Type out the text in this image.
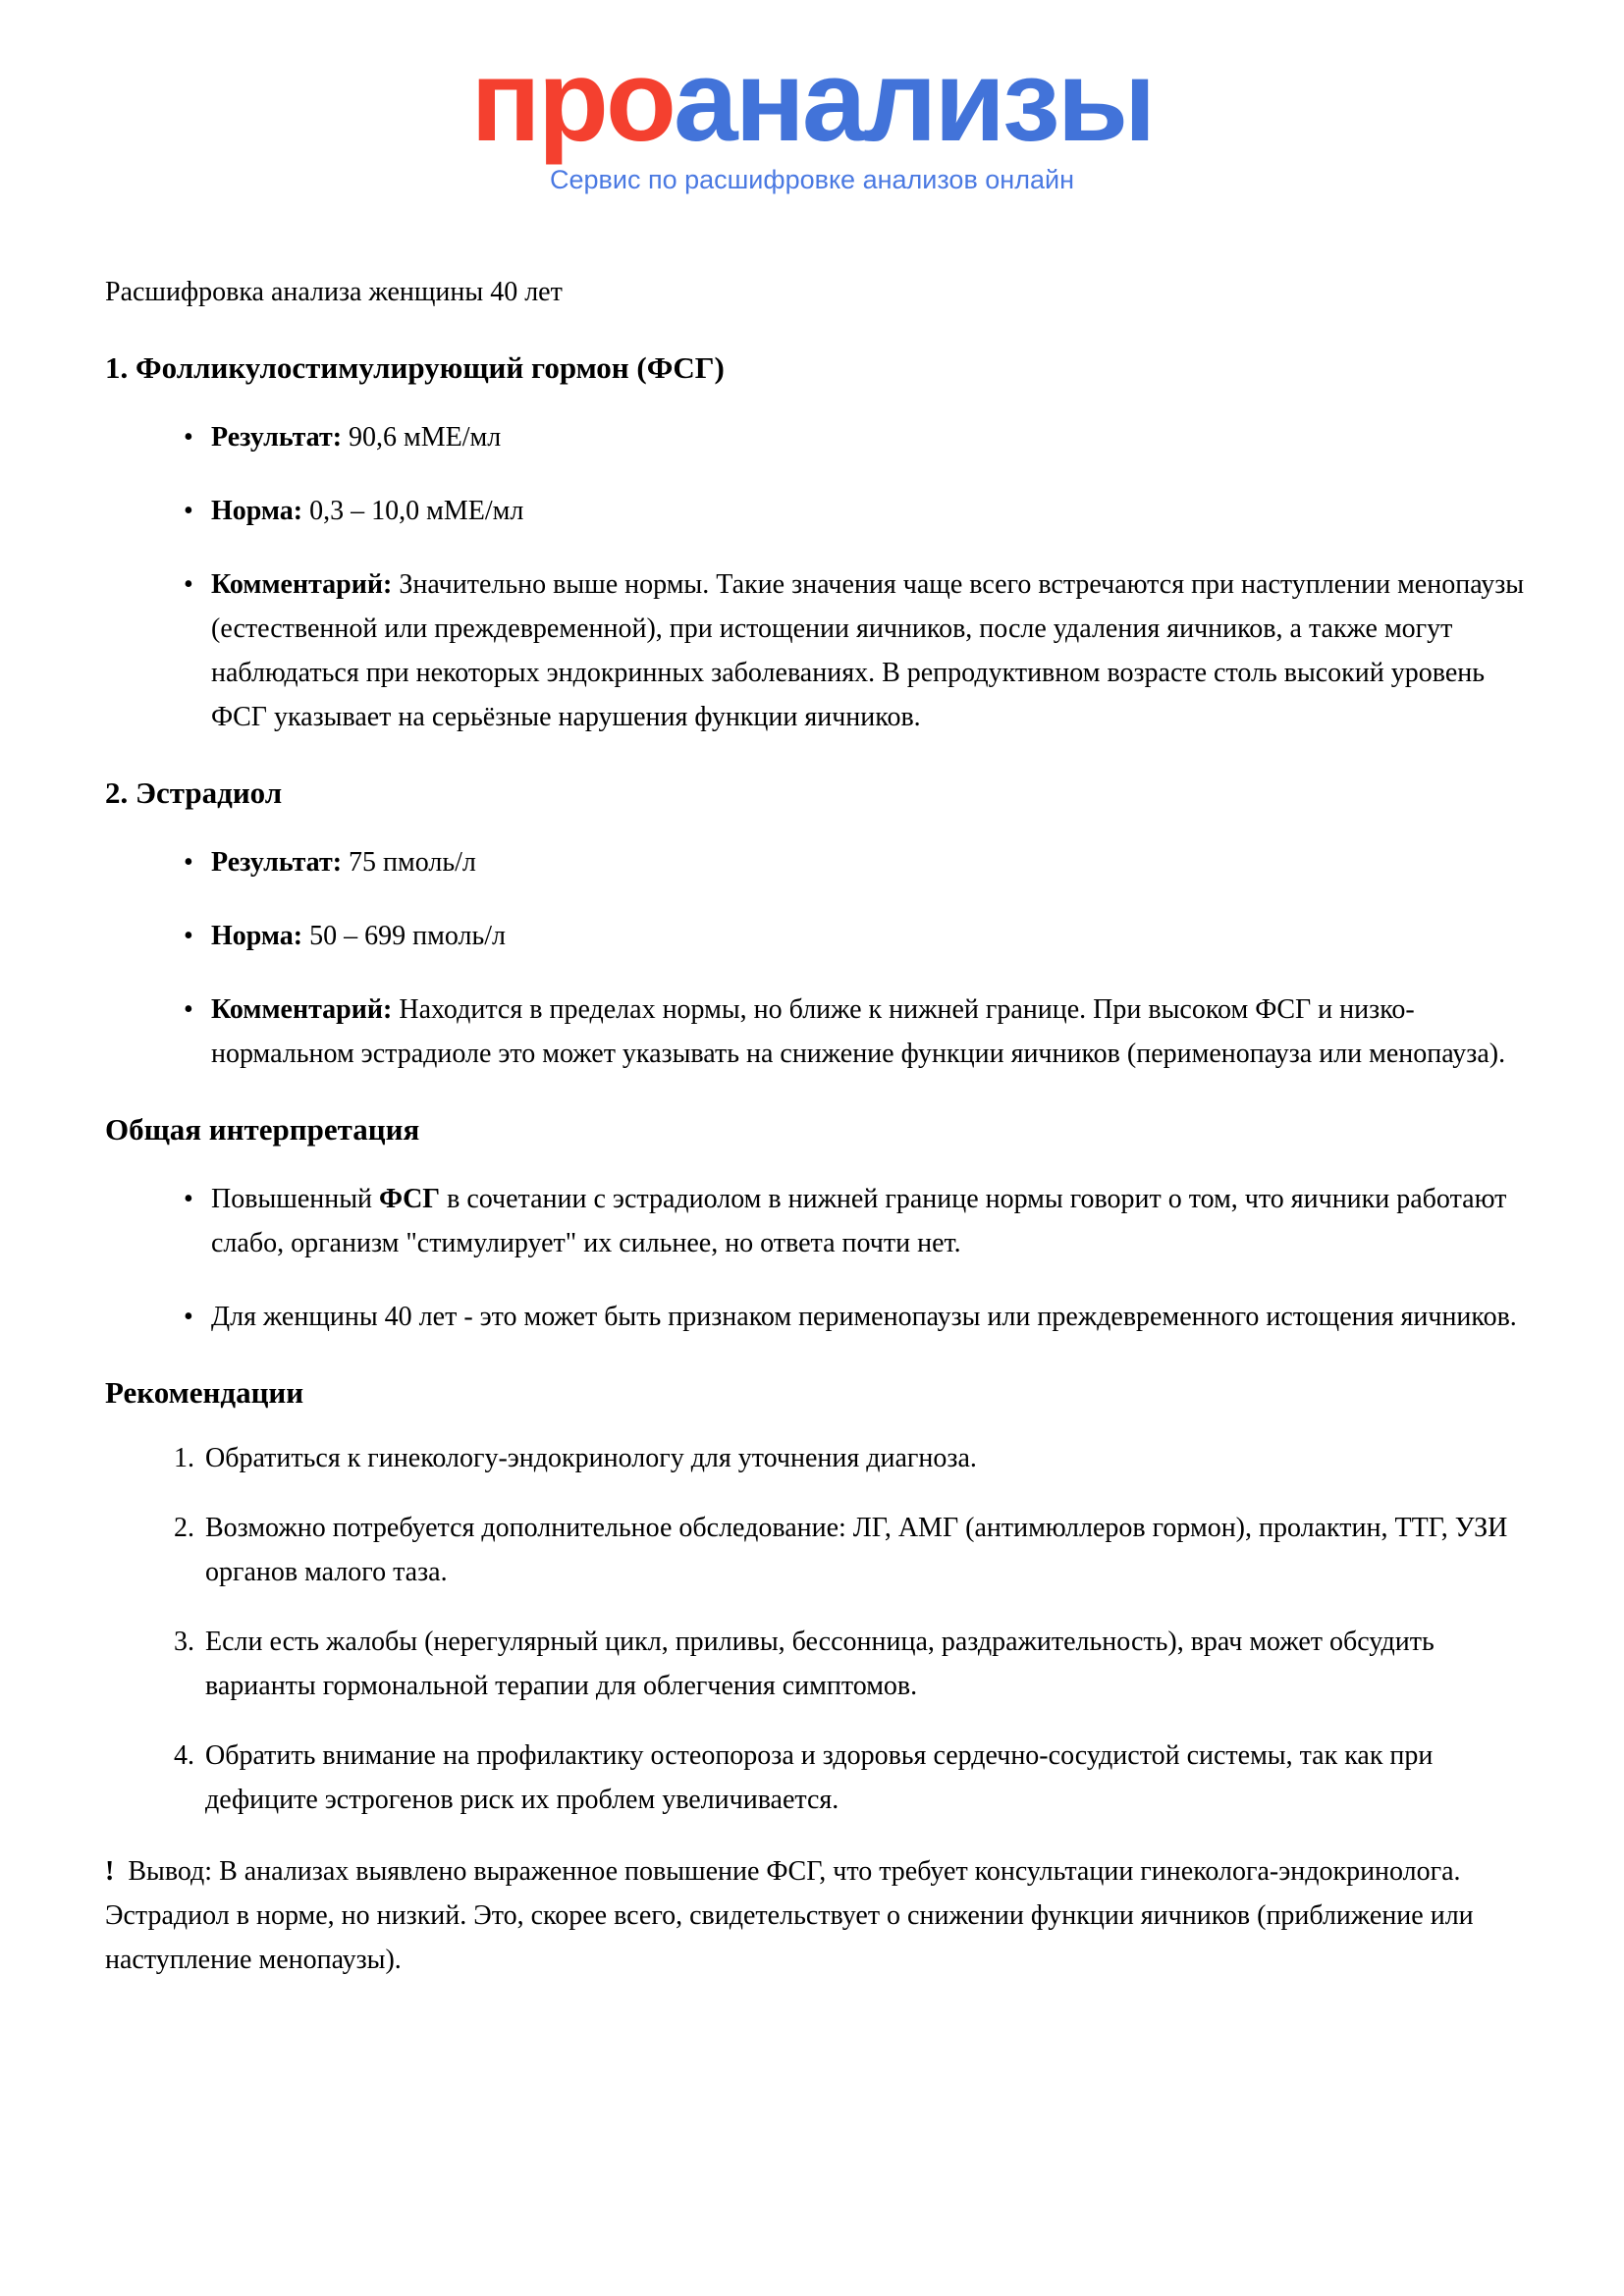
проанализы
Сервис по расшифровке анализов онлайн

Расшифровка анализа женщины 40 лет

1. Фолликулостимулирующий гормон (ФСГ)
• Результат: 90,6 мМЕ/мл
• Норма: 0,3 – 10,0 мМЕ/мл
• Комментарий: Значительно выше нормы. Такие значения чаще всего встречаются при наступлении менопаузы (естественной или преждевременной), при истощении яичников, после удаления яичников, а также могут наблюдаться при некоторых эндокринных заболеваниях. В репродуктивном возрасте столь высокий уровень ФСГ указывает на серьёзные нарушения функции яичников.
2. Эстрадиол
• Результат: 75 пмоль/л
• Норма: 50 – 699 пмоль/л
• Комментарий: Находится в пределах нормы, но ближе к нижней границе. При высоком ФСГ и низко-нормальном эстрадиоле это может указывать на снижение функции яичников (перименопауза или менопауза).
Общая интерпретация
• Повышенный ФСГ в сочетании с эстрадиолом в нижней границе нормы говорит о том, что яичники работают слабо, организм "стимулирует" их сильнее, но ответа почти нет.
• Для женщины 40 лет - это может быть признаком перименопаузы или преждевременного истощения яичников.
Рекомендации
1. Обратиться к гинекологу-эндокринологу для уточнения диагноза.
2. Возможно потребуется дополнительное обследование: ЛГ, АМГ (антимюллеров гормон), пролактин, ТТГ, УЗИ органов малого таза.
3. Если есть жалобы (нерегулярный цикл, приливы, бессонница, раздражительность), врач может обсудить варианты гормональной терапии для облегчения симптомов.
4. Обратить внимание на профилактику остеопороза и здоровья сердечно-сосудистой системы, так как при дефиците эстрогенов риск их проблем увеличивается.

! Вывод: В анализах выявлено выраженное повышение ФСГ, что требует консультации гинеколога-эндокринолога. Эстрадиол в норме, но низкий. Это, скорее всего, свидетельствует о снижении функции яичников (приближение или наступление менопаузы).
